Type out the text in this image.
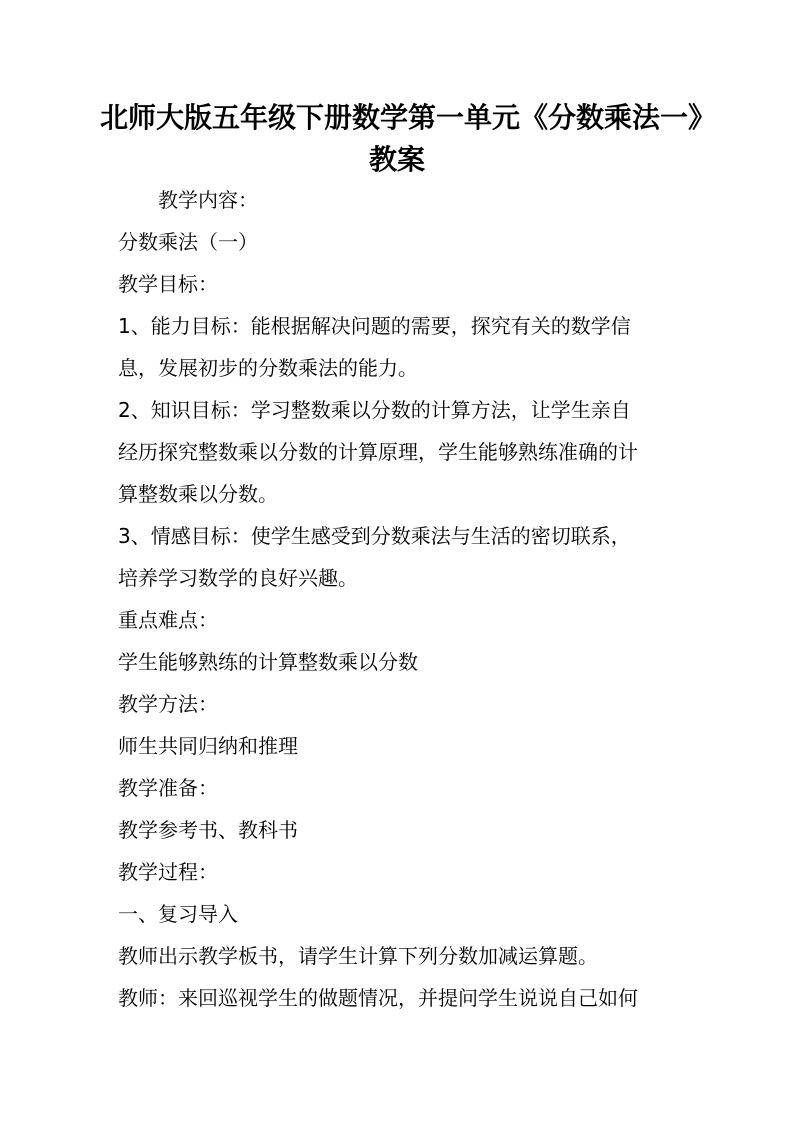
北师大版五年级下册数学第一单元《分数乘法一》
教案
　　教学内容：
分数乘法（一）
教学目标：
1、能力目标：能根据解决问题的需要，探究有关的数学信
息，发展初步的分数乘法的能力。
2、知识目标：学习整数乘以分数的计算方法，让学生亲自
经历探究整数乘以分数的计算原理，学生能够熟练准确的计
算整数乘以分数。
3、情感目标：使学生感受到分数乘法与生活的密切联系，
培养学习数学的良好兴趣。
重点难点：
学生能够熟练的计算整数乘以分数
教学方法：
师生共同归纳和推理
教学准备：
教学参考书、教科书
教学过程：
一、复习导入
教师出示教学板书，请学生计算下列分数加减运算题。
教师：来回巡视学生的做题情况，并提问学生说说自己如何
